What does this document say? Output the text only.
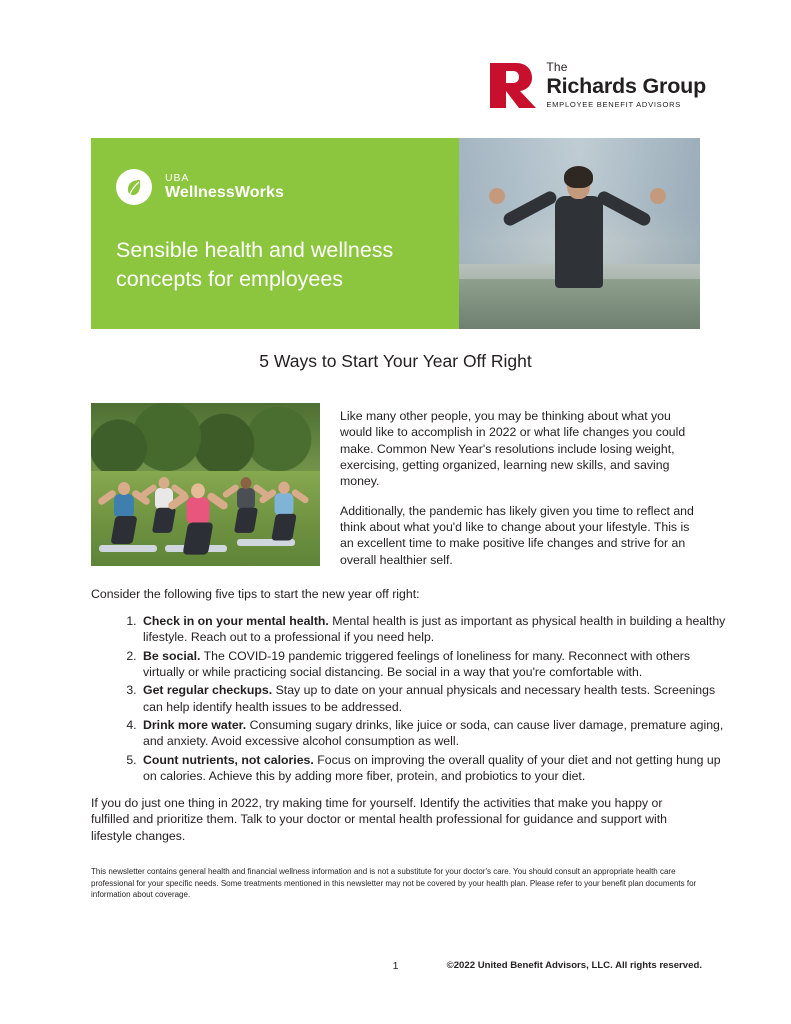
The
Richards Group
EMPLOYEE BENEFIT ADVISORS
UBA
WellnessWorks
Sensible health and wellness concepts for employees
5 Ways to Start Your Year Off Right

Like many other people, you may be thinking about what you would like to accomplish in 2022 or what life changes you could make. Common New Year's resolutions include losing weight, exercising, getting organized, learning new skills, and saving money.

Additionally, the pandemic has likely given you time to reflect and think about what you'd like to change about your lifestyle. This is an excellent time to make positive life changes and strive for an overall healthier self.

Consider the following five tips to start the new year off right:
1. Check in on your mental health. Mental health is just as important as physical health in building a healthy lifestyle. Reach out to a professional if you need help.
2. Be social. The COVID-19 pandemic triggered feelings of loneliness for many. Reconnect with others virtually or while practicing social distancing. Be social in a way that you're comfortable with.
3. Get regular checkups. Stay up to date on your annual physicals and necessary health tests. Screenings can help identify health issues to be addressed.
4. Drink more water. Consuming sugary drinks, like juice or soda, can cause liver damage, premature aging, and anxiety. Avoid excessive alcohol consumption as well.
5. Count nutrients, not calories. Focus on improving the overall quality of your diet and not getting hung up on calories. Achieve this by adding more fiber, protein, and probiotics to your diet.
If you do just one thing in 2022, try making time for yourself. Identify the activities that make you happy or fulfilled and prioritize them. Talk to your doctor or mental health professional for guidance and support with lifestyle changes.
This newsletter contains general health and financial wellness information and is not a substitute for your doctor's care. You should consult an appropriate health care professional for your specific needs. Some treatments mentioned in this newsletter may not be covered by your health plan. Please refer to your benefit plan documents for information about coverage.
1	©2022 United Benefit Advisors, LLC. All rights reserved.
